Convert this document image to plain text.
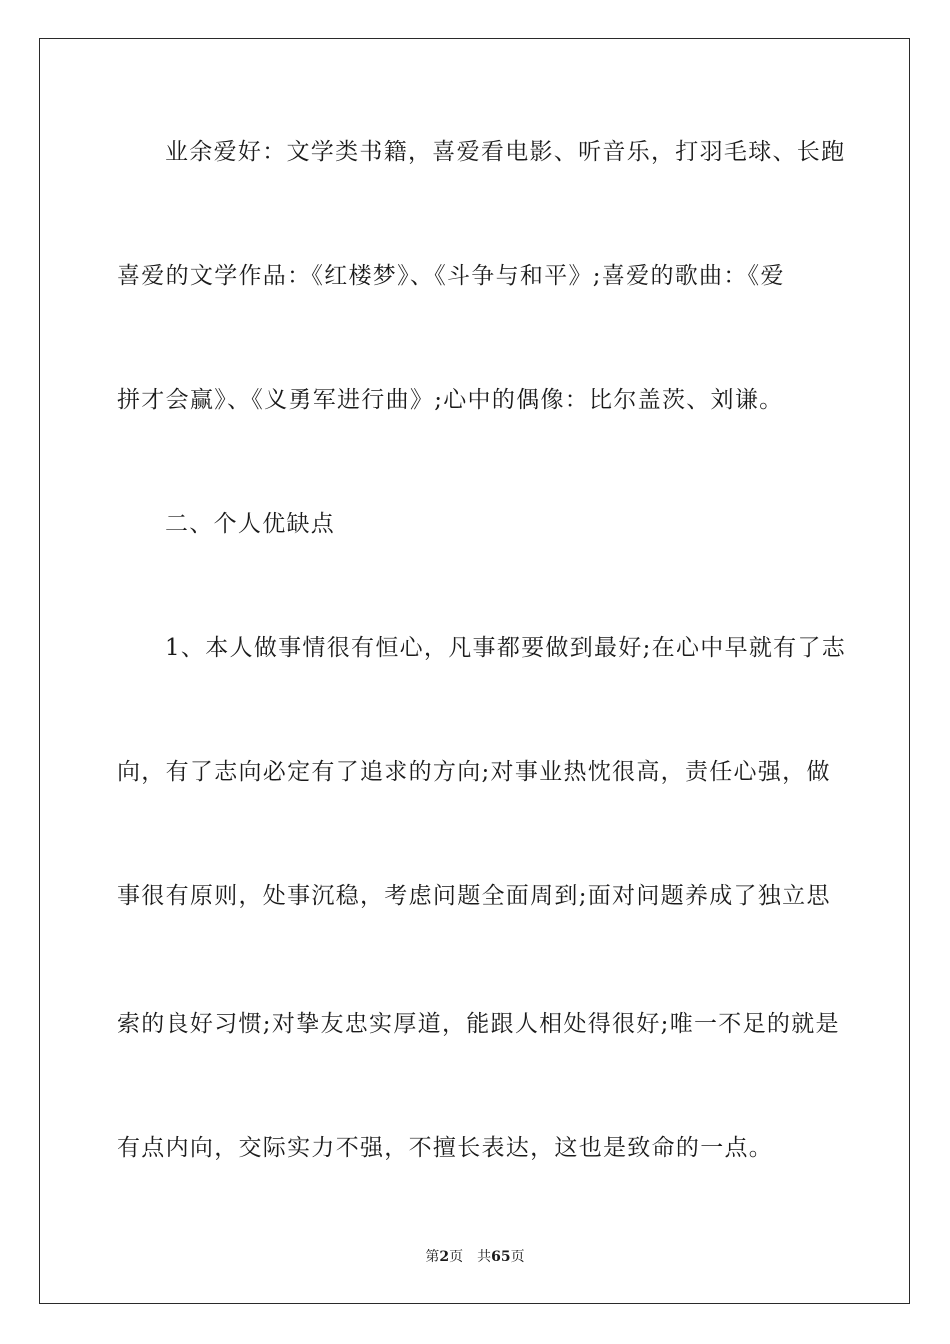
业余爱好：文学类书籍，喜爱看电影、听音乐，打羽毛球、长跑
喜爱的文学作品：《红楼梦》、《斗争与和平》;喜爱的歌曲：《爱
拼才会赢》、《义勇军进行曲》;心中的偶像：比尔盖茨、刘谦。
二、个人优缺点
1、本人做事情很有恒心，凡事都要做到最好;在心中早就有了志
向，有了志向必定有了追求的方向;对事业热忱很高，责任心强，做
事很有原则，处事沉稳，考虑问题全面周到;面对问题养成了独立思
索的良好习惯;对挚友忠实厚道，能跟人相处得很好;唯一不足的就是
有点内向，交际实力不强，不擅长表达，这也是致命的一点。
第2页 共65页
